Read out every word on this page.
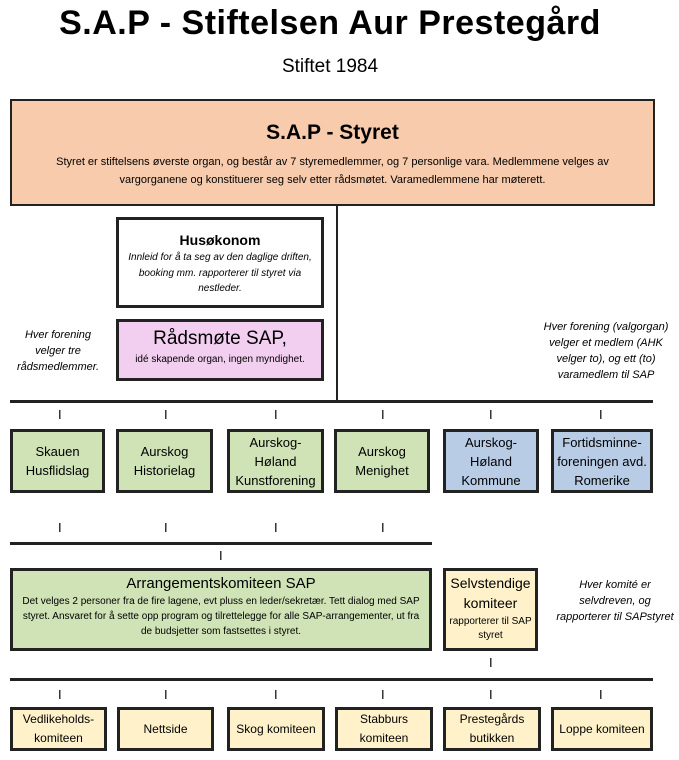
S.A.P - Stiftelsen Aur Prestegård
Stiftet 1984
S.A.P - Styret
Styret er stiftelsens øverste organ, og består av 7 styremedlemmer, og 7 personlige vara. Medlemmene velges av vargorganene og konstituerer seg selv etter rådsmøtet. Varamedlemmene har møterett.
Husøkonom
Innleid for å ta seg av den daglige driften, booking mm. rapporterer til styret via nestleder.
Rådsmøte SAP,
idé skapende organ, ingen myndighet.
Hver forening velger tre rådsmedlemmer.
Hver forening (valgorgan) velger et medlem (AHK velger to), og ett (to) varamedlem til SAP
I	I	I	I	I	I
Skauen Husflidslag
Aurskog Historielag
Aurskog-Høland Kunstforening
Aurskog Menighet
Aurskog-Høland Kommune
Fortidsminne-foreningen avd. Romerike
I	I	I	I
I
Arrangementskomiteen SAP
Det velges 2 personer fra de fire lagene, evt pluss en leder/sekretær. Tett dialog med SAP styret. Ansvaret for å sette opp program og tilrettelegge for alle SAP-arrangementer, ut fra de budsjetter som fastsettes i styret.
Selvstendige komiteer
rapporterer til SAP styret
Hver komité er selvdreven, og rapporterer til SAPstyret
I
I	I	I	I	I	I
Vedlikeholds-komiteen
Nettside	Skog komiteen
Stabburs komiteen
Prestegårds butikken
Loppe komiteen
